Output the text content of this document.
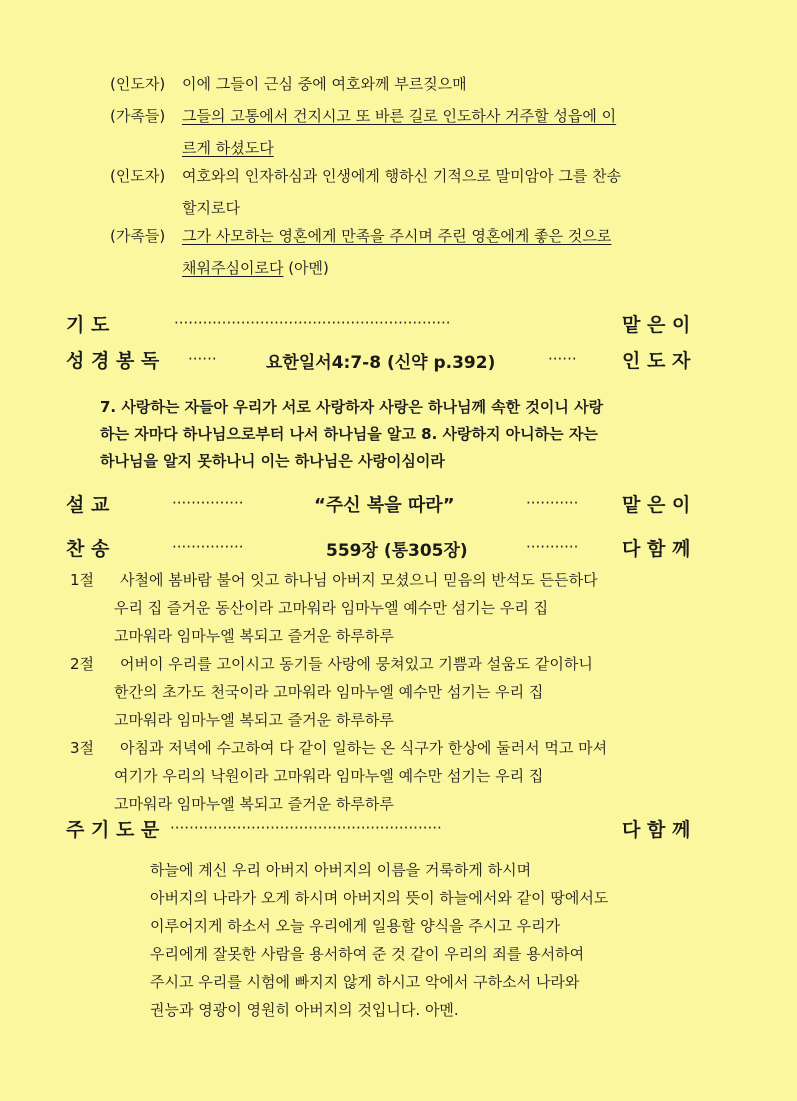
(인도자) 이에 그들이 근심 중에 여호와께 부르짖으매
(가족들) 그들의 고통에서 건지시고 또 바른 길로 인도하사 거주할 성읍에 이
르게 하셨도다
(인도자) 여호와의 인자하심과 인생에게 행하신 기적으로 말미암아 그를 찬송
할지로다
(가족들) 그가 사모하는 영혼에게 만족을 주시며 주린 영혼에게 좋은 것으로
채워주심이로다 (아멘)
기 도	··························································	맡 은 이
성 경 봉 독 ······	요한일서4:7-8 (신약 p.392)	······ 인 도 자
7. 사랑하는 자들아 우리가 서로 사랑하자 사랑은 하나님께 속한 것이니 사랑
하는 자마다 하나님으로부터 나서 하나님을 알고 8. 사랑하지 아니하는 자는
하나님을 알지 못하나니 이는 하나님은 사랑이심이라
설 교	···············	“주신 복을 따라”	··········· 맡 은 이
찬 송	···············	559장 (통305장)	··········· 다 함 께
1절	사철에 봄바람 불어 잇고 하나님 아버지 모셨으니 믿음의 반석도 든든하다
우리 집 즐거운 동산이라 고마워라 임마누엘 예수만 섬기는 우리 집
고마워라 임마누엘 복되고 즐거운 하루하루
2절	어버이 우리를 고이시고 동기들 사랑에 뭉쳐있고 기쁨과 설움도 같이하니
한간의 초가도 천국이라 고마워라 임마누엘 예수만 섬기는 우리 집
고마워라 임마누엘 복되고 즐거운 하루하루
3절	아침과 저녁에 수고하여 다 같이 일하는 온 식구가 한상에 둘러서 먹고 마셔
여기가 우리의 낙원이라 고마워라 임마누엘 예수만 섬기는 우리 집
고마워라 임마누엘 복되고 즐거운 하루하루
주 기 도 문 ·························································	다 함 께
하늘에 계신 우리 아버지 아버지의 이름을 거룩하게 하시며
아버지의 나라가 오게 하시며 아버지의 뜻이 하늘에서와 같이 땅에서도
이루어지게 하소서 오늘 우리에게 일용할 양식을 주시고 우리가
우리에게 잘못한 사람을 용서하여 준 것 같이 우리의 죄를 용서하여
주시고 우리를 시험에 빠지지 않게 하시고 악에서 구하소서 나라와
권능과 영광이 영원히 아버지의 것입니다. 아멘.
